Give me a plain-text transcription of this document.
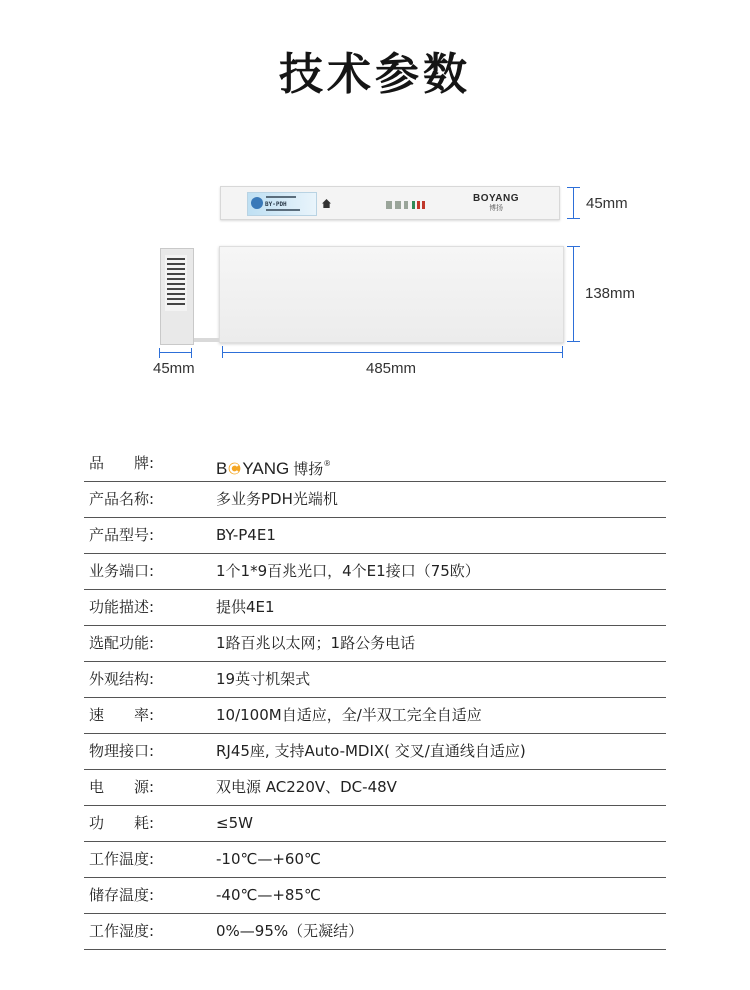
技术参数
BY-PDH
BOYANG
博扬	45mm
138mm
45mm	485mm
品　　牌:	B YANG 博扬®
产品名称:	多业务PDH光端机
产品型号:	BY-P4E1
业务端口:	1个1*9百兆光口，4个E1接口（75欧）
功能描述:	提供4E1
选配功能:	1路百兆以太网；1路公务电话
外观结构:	19英寸机架式
速　　率:	10/100M自适应，全/半双工完全自适应
物理接口:	RJ45座, 支持Auto-MDIX( 交叉/直通线自适应)
电　　源:	双电源 AC220V、DC-48V
功　　耗:	≤5W
工作温度:	-10℃—+60℃
储存温度:	-40℃—+85℃
工作湿度:	0%—95%（无凝结）
